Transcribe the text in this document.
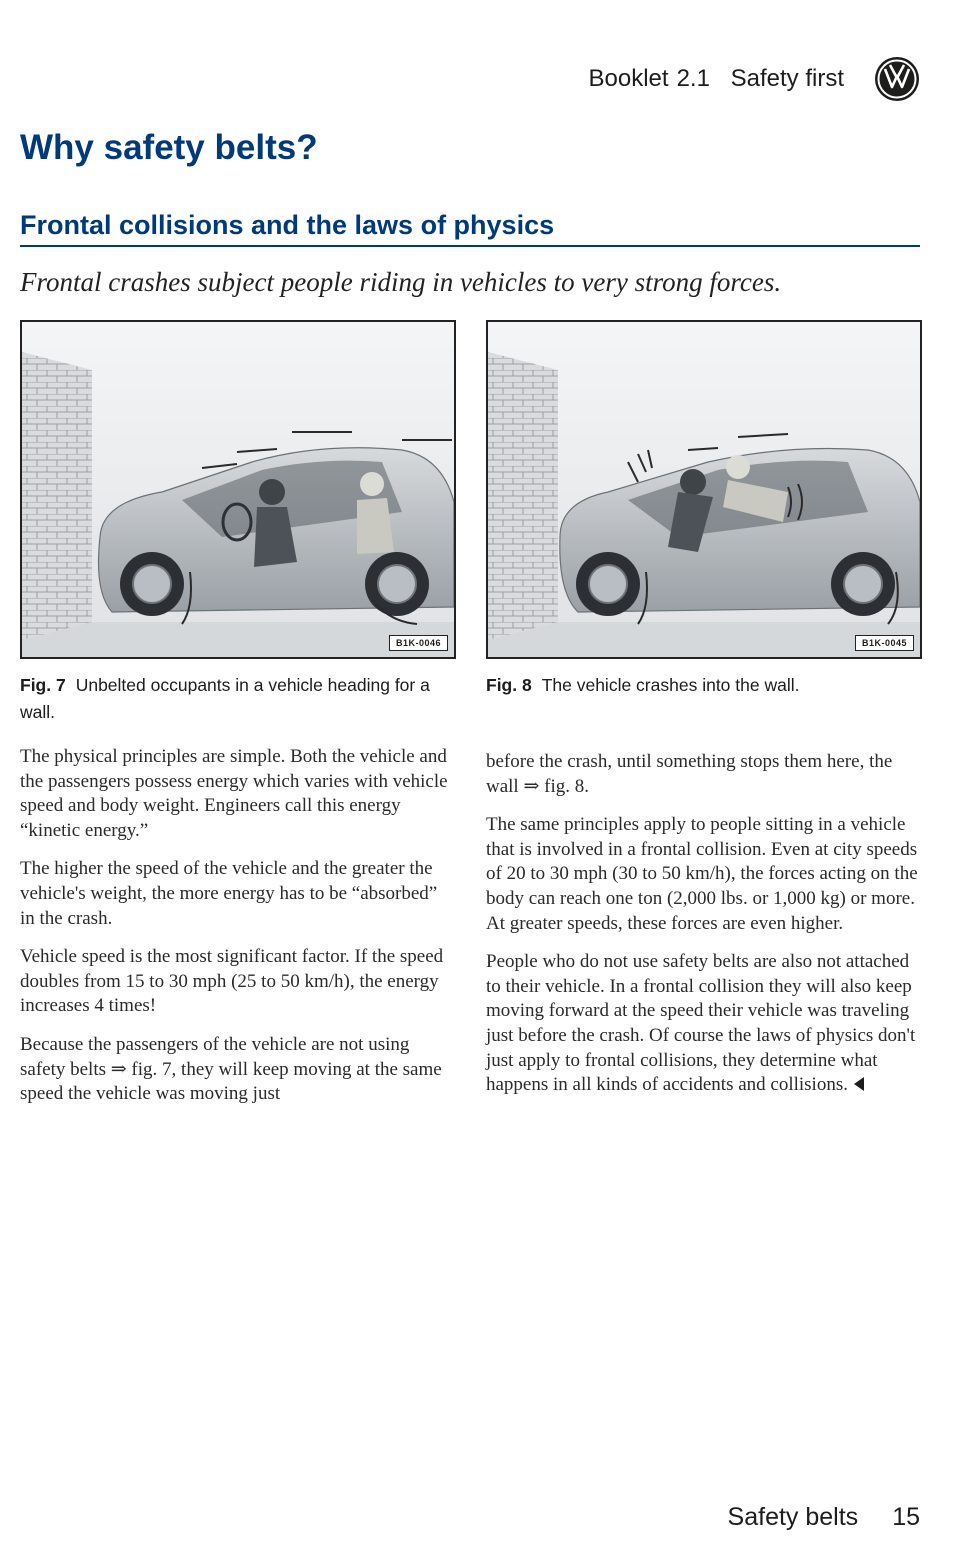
Booklet 2.1 Safety first
Why safety belts?
Frontal collisions and the laws of physics

Frontal crashes subject people riding in vehicles to very strong forces.

B1K-0046	B1K-0045

Fig. 7 Unbelted occupants in a vehicle heading for a wall.

Fig. 8 The vehicle crashes into the wall.

The physical principles are simple. Both the vehicle and the passengers possess energy which varies with vehicle speed and body weight. Engineers call this energy “kinetic energy.”

The higher the speed of the vehicle and the greater the vehicle's weight, the more energy has to be “absorbed” in the crash.

Vehicle speed is the most significant factor. If the speed doubles from 15 to 30 mph (25 to 50 km/h), the energy increases 4 times!

Because the passengers of the vehicle are not using safety belts ⇒ fig. 7, they will keep moving at the same speed the vehicle was moving just

before the crash, until something stops them here, the wall ⇒ fig. 8.

The same principles apply to people sitting in a vehicle that is involved in a frontal collision. Even at city speeds of 20 to 30 mph (30 to 50 km/h), the forces acting on the body can reach one ton (2,000 lbs. or 1,000 kg) or more. At greater speeds, these forces are even higher.

People who do not use safety belts are also not attached to their vehicle. In a frontal collision they will also keep moving forward at the speed their vehicle was traveling just before the crash. Of course the laws of physics don't just apply to frontal collisions, they determine what happens in all kinds of accidents and collisions.

Safety belts 15
